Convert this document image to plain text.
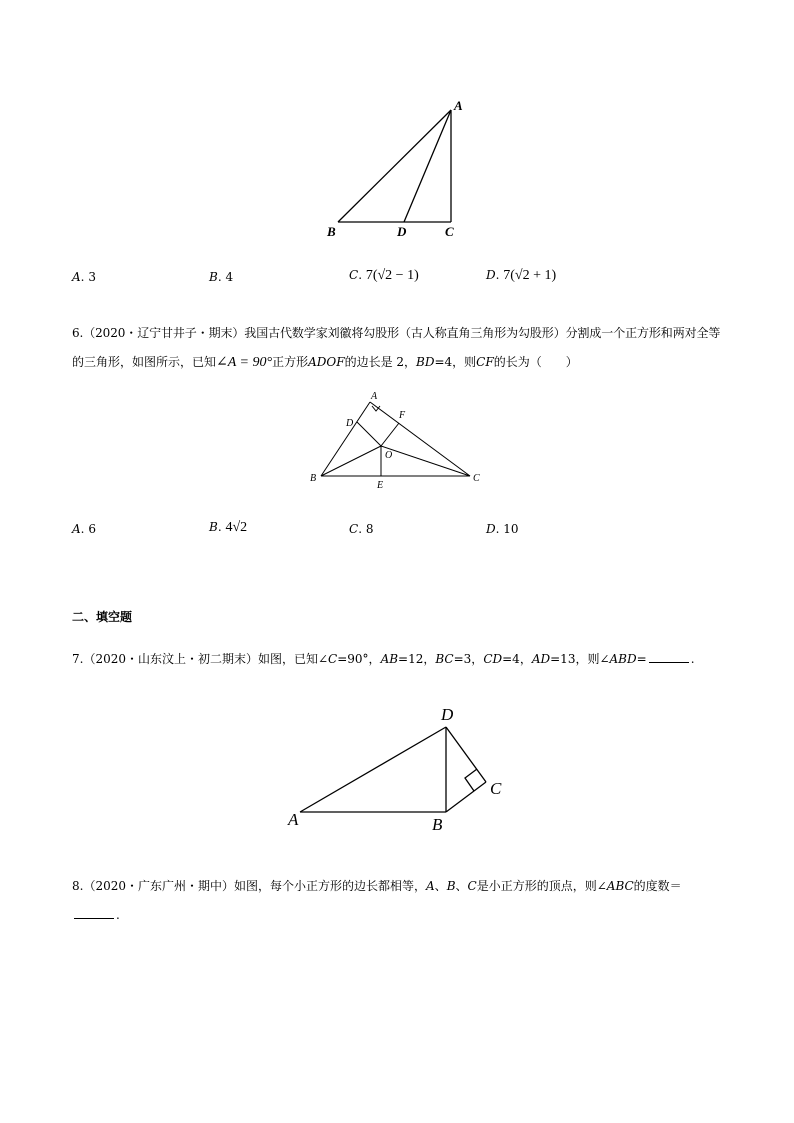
A
B	D	C
A. 3	B. 4	C. 7(√2 − 1)	D. 7(√2 + 1)
6.（2020・辽宁甘井子・期末）我国古代数学家刘徽将勾股形（古人称直角三角形为勾股形）分割成一个正方形和两对全等
的三角形，如图所示，已知∠A = 90°正方形ADOF的边长是 2，BD=4，则CF的长为（　　）
A
D
F
O
B	C
E
A. 6	B. 4√2	C. 8	D. 10
二、填空题
7.（2020・山东汶上・初二期末）如图，已知∠C=90°，AB=12，BC=3，CD=4，AD=13，则∠ABD=	.
D
C
A	B
8.（2020・广东广州・期中）如图，每个小正方形的边长都相等，A、B、C是小正方形的顶点，则∠ABC的度数＝
.
